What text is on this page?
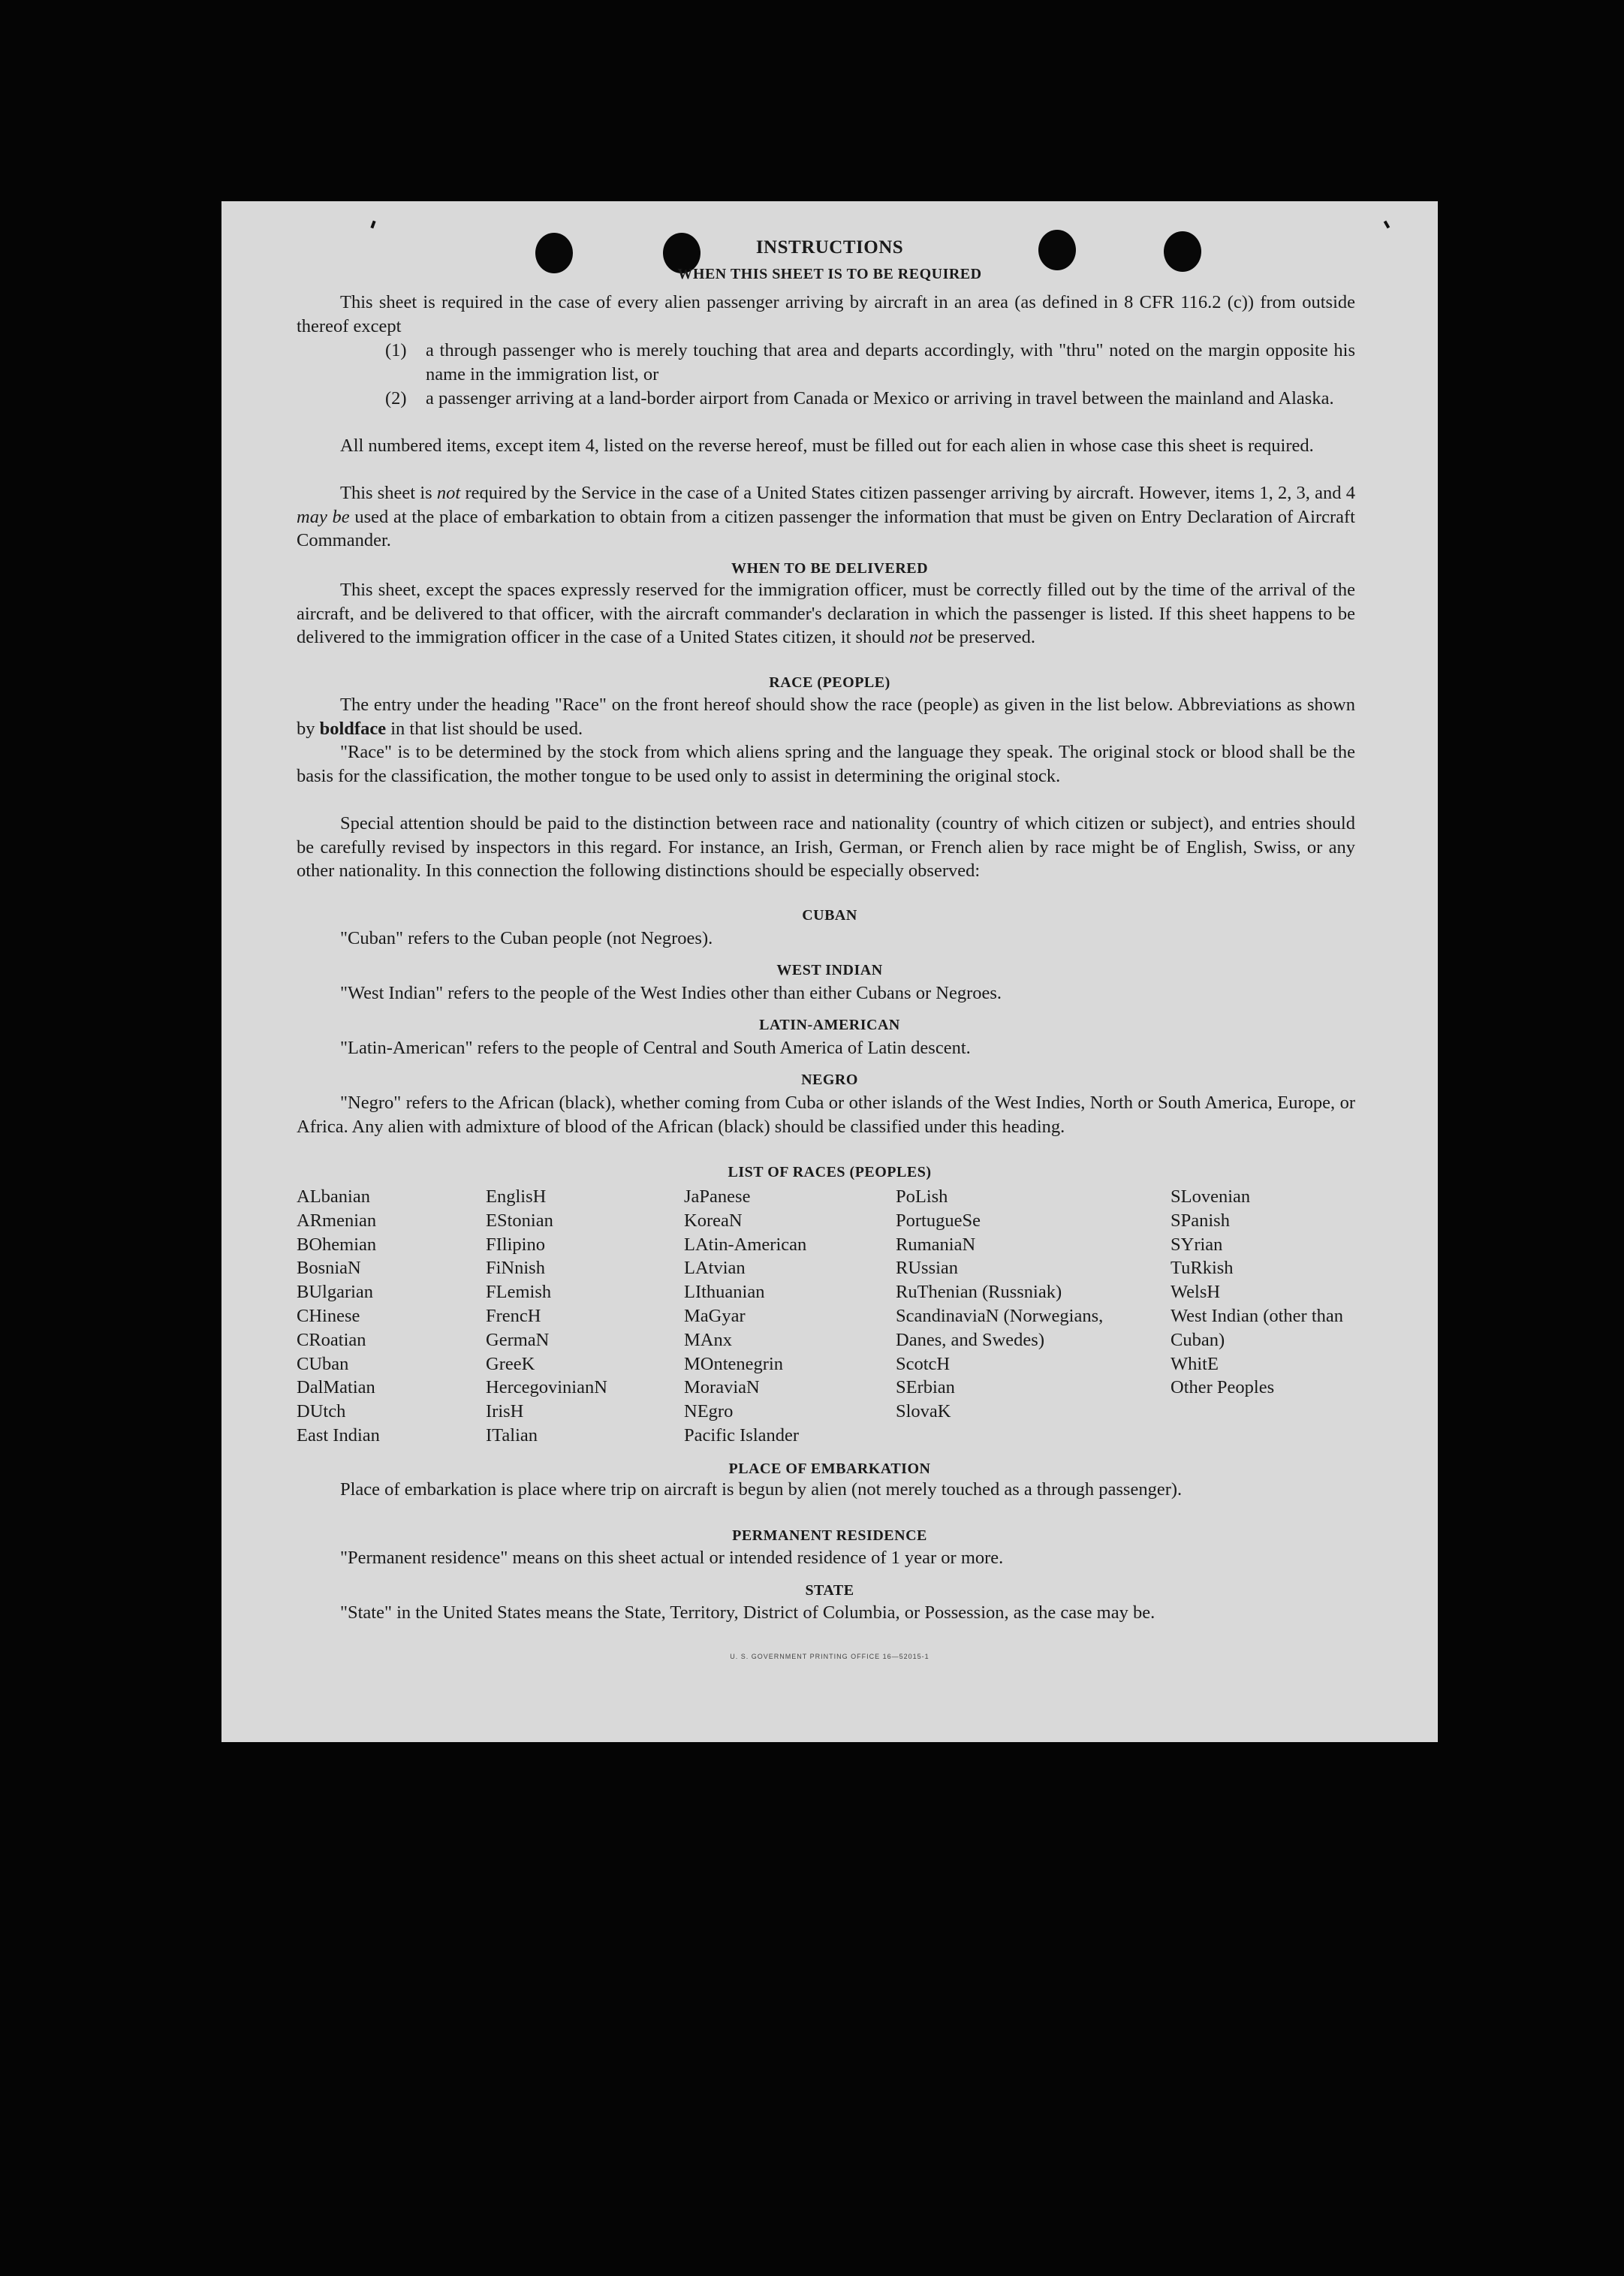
INSTRUCTIONS
WHEN THIS SHEET IS TO BE REQUIRED

This sheet is required in the case of every alien passenger arriving by aircraft in an area (as defined in 8 CFR 116.2 (c)) from outside thereof except

(1) a through passenger who is merely touching that area and departs accordingly, with "thru" noted on the margin opposite his name in the immigration list, or

(2) a passenger arriving at a land-border airport from Canada or Mexico or arriving in travel between the mainland and Alaska.

All numbered items, except item 4, listed on the reverse hereof, must be filled out for each alien in whose case this sheet is required.

This sheet is not required by the Service in the case of a United States citizen passenger arriving by aircraft. However, items 1, 2, 3, and 4 may be used at the place of embarkation to obtain from a citizen passenger the information that must be given on Entry Declaration of Aircraft Commander.

WHEN TO BE DELIVERED

This sheet, except the spaces expressly reserved for the immigration officer, must be correctly filled out by the time of the arrival of the aircraft, and be delivered to that officer, with the aircraft commander's declaration in which the passenger is listed. If this sheet happens to be delivered to the immigration officer in the case of a United States citizen, it should not be preserved.

RACE (PEOPLE)

The entry under the heading "Race" on the front hereof should show the race (people) as given in the list below. Abbreviations as shown by boldface in that list should be used.

"Race" is to be determined by the stock from which aliens spring and the language they speak. The original stock or blood shall be the basis for the classification, the mother tongue to be used only to assist in determining the original stock.

Special attention should be paid to the distinction between race and nationality (country of which citizen or subject), and entries should be carefully revised by inspectors in this regard. For instance, an Irish, German, or French alien by race might be of English, Swiss, or any other nationality. In this connection the following distinctions should be especially observed:

CUBAN

"Cuban" refers to the Cuban people (not Negroes).

WEST INDIAN

"West Indian" refers to the people of the West Indies other than either Cubans or Negroes.

LATIN-AMERICAN

"Latin-American" refers to the people of Central and South America of Latin descent.

NEGRO

"Negro" refers to the African (black), whether coming from Cuba or other islands of the West Indies, North or South America, Europe, or Africa. Any alien with admixture of blood of the African (black) should be classified under this heading.

LIST OF RACES (PEOPLES)
ALbanian
ARmenian
BOhemian
BosniaN
BUlgarian
CHinese
CRoatian
CUban
DalMatian
DUtch
East Indian
EnglisH
EStonian
FIlipino
FiNnish
FLemish
FrencH
GermaN
GreeK
HercegovinianN
IrisH
ITalian
JaPanese
KoreaN
LAtin-American
LAtvian
LIthuanian
MaGyar
MAnx
MOntenegrin
MoraviaN
NEgro
Pacific Islander
PoLish
PortugueSe
RumaniaN
RUssian
RuThenian (Russniak)
ScandinaviaN (Norwegians, Danes, and Swedes)
ScotcH
SErbian
SlovaK
SLovenian
SPanish
SYrian
TuRkish
WelsH
West Indian (other than Cuban)
WhitE
Other Peoples
PLACE OF EMBARKATION

Place of embarkation is place where trip on aircraft is begun by alien (not merely touched as a through passenger).

PERMANENT RESIDENCE

"Permanent residence" means on this sheet actual or intended residence of 1 year or more.

STATE

"State" in the United States means the State, Territory, District of Columbia, or Possession, as the case may be.

U. S. GOVERNMENT PRINTING OFFICE 16—52015-1
